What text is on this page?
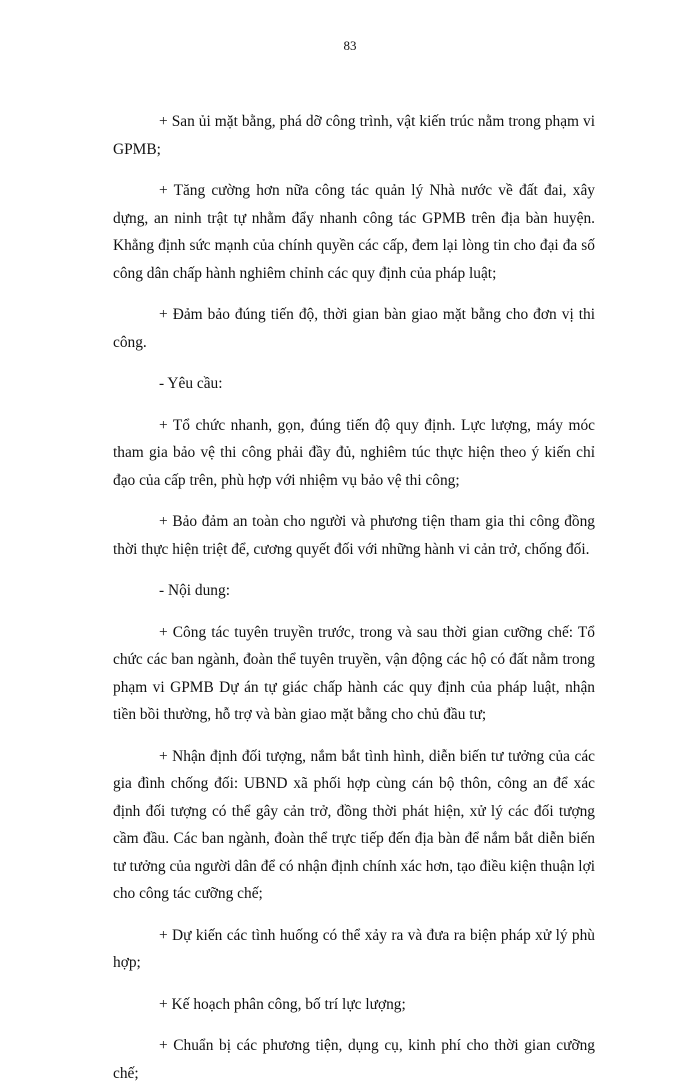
83

+ San ủi mặt bằng, phá dỡ công trình, vật kiến trúc nằm trong phạm vi GPMB;

+ Tăng cường hơn nữa công tác quản lý Nhà nước về đất đai, xây dựng, an ninh trật tự nhằm đẩy nhanh công tác GPMB trên địa bàn huyện. Khẳng định sức mạnh của chính quyền các cấp, đem lại lòng tin cho đại đa số công dân chấp hành nghiêm chỉnh các quy định của pháp luật;

+ Đảm bảo đúng tiến độ, thời gian bàn giao mặt bằng cho đơn vị thi công.

- Yêu cầu:

+ Tổ chức nhanh, gọn, đúng tiến độ quy định. Lực lượng, máy móc tham gia bảo vệ thi công phải đầy đủ, nghiêm túc thực hiện theo ý kiến chỉ đạo của cấp trên, phù hợp với nhiệm vụ bảo vệ thi công;

+ Bảo đảm an toàn cho người và phương tiện tham gia thi công đồng thời thực hiện triệt để, cương quyết đối với những hành vi cản trở, chống đối.

- Nội dung:

+ Công tác tuyên truyền trước, trong và sau thời gian cưỡng chế: Tổ chức các ban ngành, đoàn thể tuyên truyền, vận động các hộ có đất nằm trong phạm vi GPMB Dự án tự giác chấp hành các quy định của pháp luật, nhận tiền bồi thường, hỗ trợ và bàn giao mặt bằng cho chủ đầu tư;

+ Nhận định đối tượng, nắm bắt tình hình, diễn biến tư tưởng của các gia đình chống đối: UBND xã phối hợp cùng cán bộ thôn, công an để xác định đối tượng có thể gây cản trở, đồng thời phát hiện, xử lý các đối tượng cầm đầu. Các ban ngành, đoàn thể trực tiếp đến địa bàn để nắm bắt diễn biến tư tưởng của người dân để có nhận định chính xác hơn, tạo điều kiện thuận lợi cho công tác cưỡng chế;

+ Dự kiến các tình huống có thể xảy ra và đưa ra biện pháp xử lý phù hợp;

+ Kế hoạch phân công, bố trí lực lượng;

+ Chuẩn bị các phương tiện, dụng cụ, kinh phí cho thời gian cưỡng chế;
